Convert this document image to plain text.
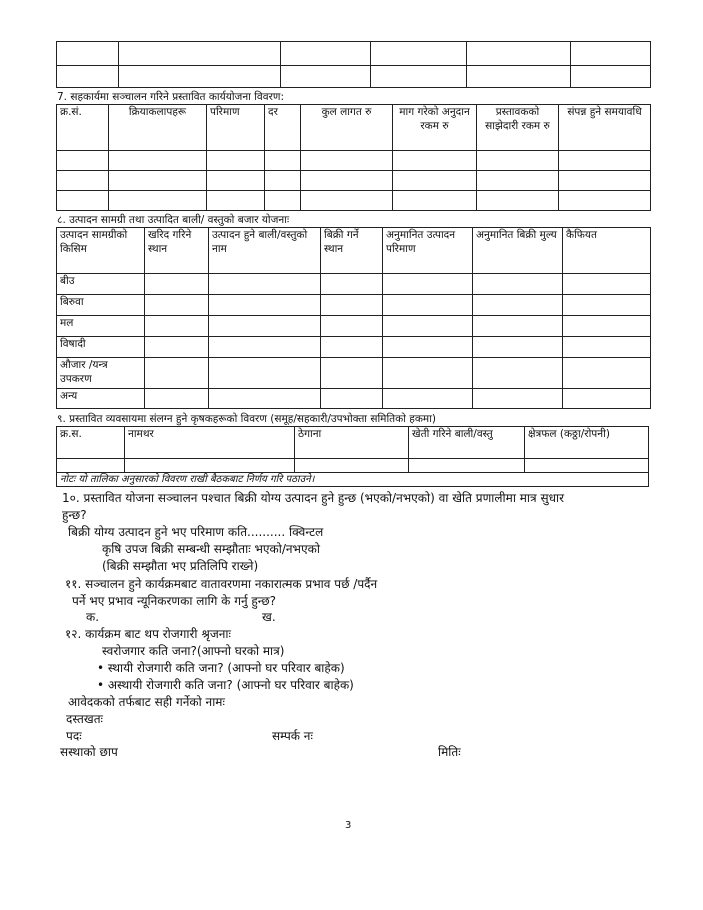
7. सहकार्यमा सञ्चालन गरिने प्रस्तावित कार्ययोजना विवरण:
क्र.सं.	क्रियाकलापहरू	परिमाण	दर	कुल लागत रु	माग गरेको अनुदान रकम रु	प्रस्तावकको साझेदारी रकम रु	संपन्न हुने समयावधि

८. उत्पादन सामग्री तथा उत्पादित बाली/ वस्तुको बजार योजनाः
उत्पादन सामग्रीको किसिम	खरिद गरिने स्थान	उत्पादन हुने बाली/वस्तुको नाम	बिक्री गर्ने स्थान	अनुमानित उत्पादन परिमाण	अनुमानित बिक्री मुल्य	कैफियत
बीउ						
बिरुवा						
मल						
विषादी						
औजार /यन्त्र उपकरण						
अन्य						
९. प्रस्तावित व्यवसायमा संलग्न हुने कृषकहरूको विवरण (समूह/सहकारी/उपभोक्ता समितिको हकमा)
क्र.स.	नामथर	ठेगाना	खेती गरिने बाली/वस्तु	क्षेत्रफल (कठ्ठा/रोपनी)

नोटः यो तालिका अनुसारको विवरण राखी बैठकबाट निर्णय गरि पठाउने।				
1०. प्रस्तावित योजना सञ्चालन पश्चात बिक्री योग्य उत्पादन हुने हुन्छ (भएको/नभएको) वा खेति प्रणालीमा मात्र सुधार
हुन्छ?
बिक्री योग्य उत्पादन हुने भए परिमाण कति.......... क्विन्टल
कृषि उपज बिक्री सम्बन्धी सम्झौताः भएको/नभएको
(बिक्री सम्झौता भए प्रतिलिपि राख्ने)
११. सञ्चालन हुने कार्यक्रमबाट वातावरणमा नकारात्मक प्रभाव पर्छ /पर्दैन
पर्ने भए प्रभाव न्यूनिकरणका लागि के गर्नु हुन्छ?
क.	ख.
१२. कार्यक्रम बाट थप रोजगारी श्रृजनाः
स्वरोजगार कति जना?(आफ्नो घरको मात्र)
• स्थायी रोजगारी कति जना? (आफ्नो घर परिवार बाहेक)
• अस्थायी रोजगारी कति जना? (आफ्नो घर परिवार बाहेक)
आवेदकको तर्फबाट सही गर्नेको नामः
दस्तखतः
पदः	सम्पर्क नः
सस्थाको छाप	मितिः
3
